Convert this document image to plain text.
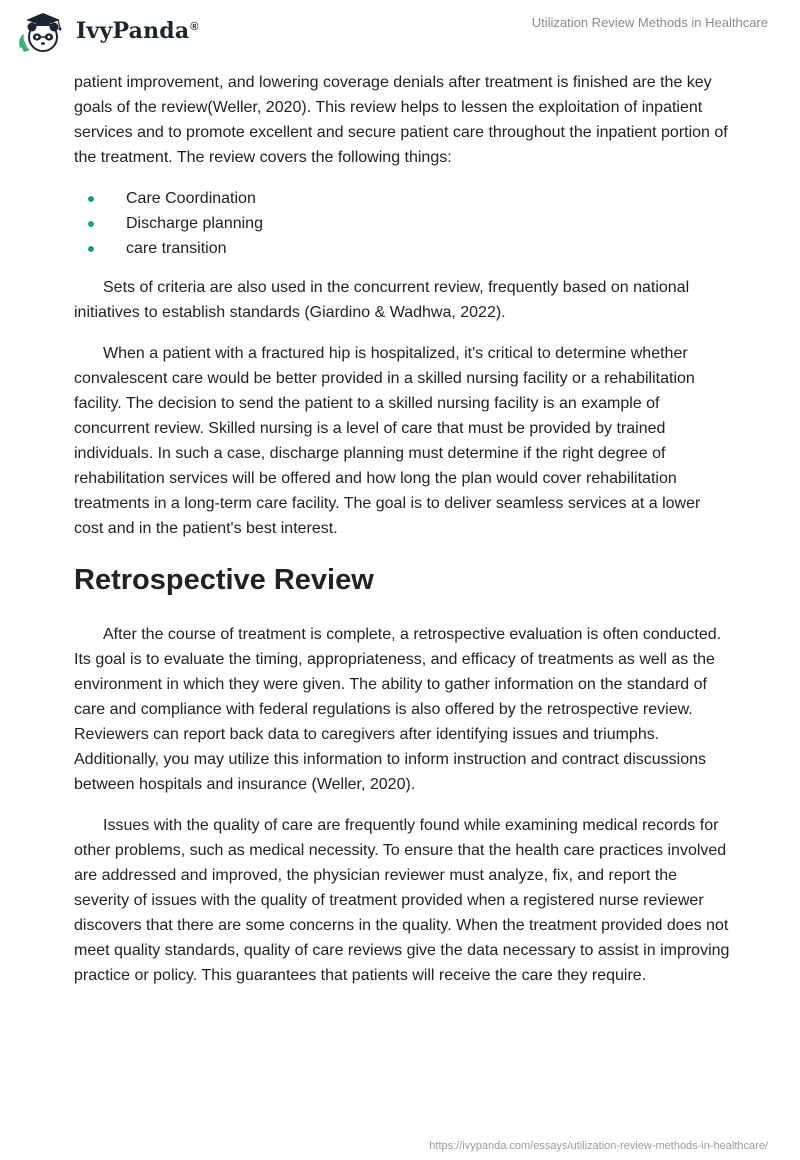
IvyPanda®	Utilization Review Methods in Healthcare

patient improvement, and lowering coverage denials after treatment is finished are the key goals of the review(Weller, 2020). This review helps to lessen the exploitation of inpatient services and to promote excellent and secure patient care throughout the inpatient portion of the treatment. The review covers the following things:

Care Coordination
Discharge planning
care transition

Sets of criteria are also used in the concurrent review, frequently based on national initiatives to establish standards (Giardino & Wadhwa, 2022).

When a patient with a fractured hip is hospitalized, it's critical to determine whether convalescent care would be better provided in a skilled nursing facility or a rehabilitation facility. The decision to send the patient to a skilled nursing facility is an example of concurrent review. Skilled nursing is a level of care that must be provided by trained individuals. In such a case, discharge planning must determine if the right degree of rehabilitation services will be offered and how long the plan would cover rehabilitation treatments in a long-term care facility. The goal is to deliver seamless services at a lower cost and in the patient's best interest.

Retrospective Review

After the course of treatment is complete, a retrospective evaluation is often conducted. Its goal is to evaluate the timing, appropriateness, and efficacy of treatments as well as the environment in which they were given. The ability to gather information on the standard of care and compliance with federal regulations is also offered by the retrospective review. Reviewers can report back data to caregivers after identifying issues and triumphs. Additionally, you may utilize this information to inform instruction and contract discussions between hospitals and insurance (Weller, 2020).

Issues with the quality of care are frequently found while examining medical records for other problems, such as medical necessity. To ensure that the health care practices involved are addressed and improved, the physician reviewer must analyze, fix, and report the severity of issues with the quality of treatment provided when a registered nurse reviewer discovers that there are some concerns in the quality. When the treatment provided does not meet quality standards, quality of care reviews give the data necessary to assist in improving practice or policy. This guarantees that patients will receive the care they require.

https://ivypanda.com/essays/utilization-review-methods-in-healthcare/
